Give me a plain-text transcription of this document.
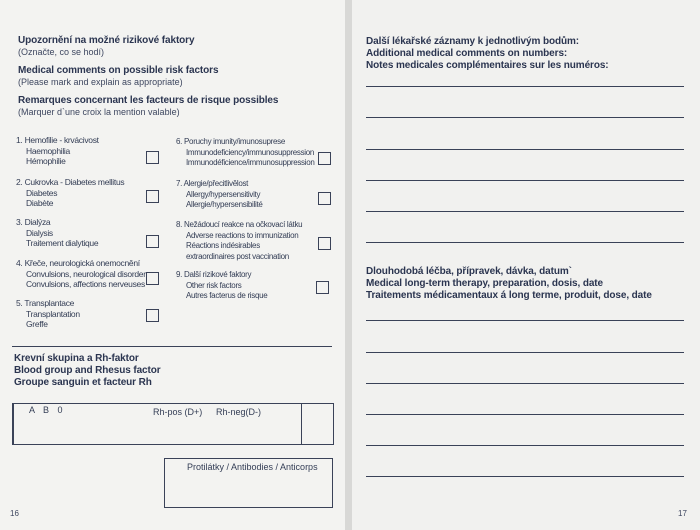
Upozornění na možné rizikové faktory
(Označte, co se hodí)
Medical comments on possible risk factors
(Please mark and explain as appropriate)
Remarques concernant les facteurs de risque possibles
(Marquer d`une croix la mention valable)
1. Hemofilie - krvácivost
Haemophilia
Hémophilie
2. Cukrovka - Diabetes mellitus
Diabetes
Diabète
3. Dialýza
Dialysis
Traitement dialytique
4. Křeče, neurologická onemocnění
Convulsions, neurological disorder
Convulsions, affections nerveuses
5. Transplantace
Transplantation
Greffe
6. Poruchy imunity/imunosuprese
Immunodeficiency/immunosuppression
Immunodéficience/immunosuppression
7. Alergie/přecitlivělost
Allergy/hypersensitivity
Allergie/hypersensibilité
8. Nežádoucí reakce na očkovací látku
Adverse reactions to immunization
Réactions indésirables
extraordinaires post vaccination
9. Další rizikové faktory
Other risk factors
Autres facterus de risque
Krevní skupina a Rh-faktor
Blood group and Rhesus factor
Groupe sanguin et facteur Rh
A B 0	Rh-pos (D+) Rh-neg(D-)
Protilátky / Antibodies / Anticorps
16
Další lékařské záznamy k jednotlivým bodům:
Additional medical comments on numbers:
Notes medicales complémentaires sur les numéros:
Dlouhodobá léčba, přípravek, dávka, datum`
Medical long-term therapy, preparation, dosis, date
Traitements médicamentaux á long terme, produit, dose, date
17
